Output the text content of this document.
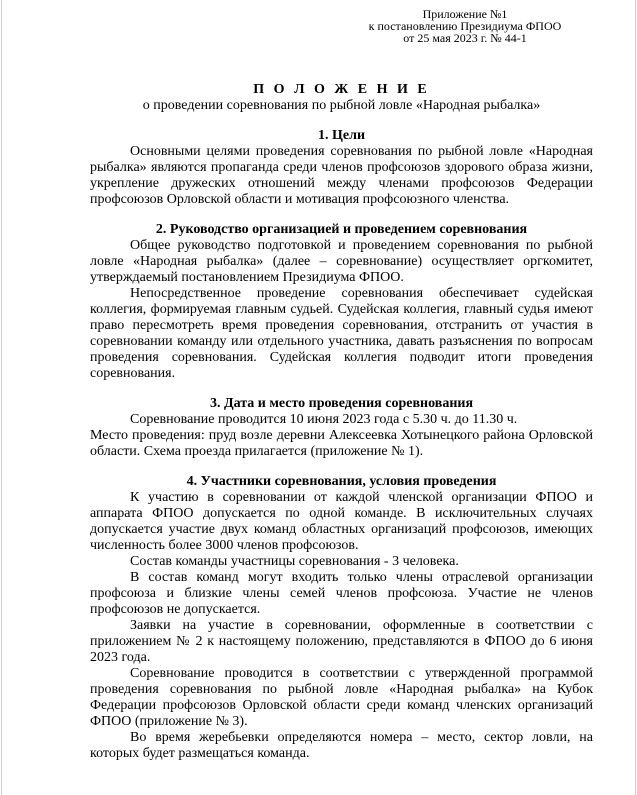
Приложение №1
к постановлению Президиума ФПОО
от 25 мая 2023 г. № 44-1
П О Л О Ж Е Н И Е
о проведении соревнования по рыбной ловле «Народная рыбалка»
1. Цели

Основными целями проведения соревнования по рыбной ловле «Народная рыбалка» являются пропаганда среди членов профсоюзов здорового образа жизни, укрепление дружеских отношений между членами профсоюзов Федерации профсоюзов Орловской области и мотивация профсоюзного членства.

2. Руководство организацией и проведением соревнования

Общее руководство подготовкой и проведением соревнования по рыбной ловле «Народная рыбалка» (далее – соревнование) осуществляет оргкомитет, утверждаемый постановлением Президиума ФПОО.

Непосредственное проведение соревнования обеспечивает судейская коллегия, формируемая главным судьей. Судейская коллегия, главный судья имеют право пересмотреть время проведения соревнования, отстранить от участия в соревновании команду или отдельного участника, давать разъяснения по вопросам проведения соревнования. Судейская коллегия подводит итоги проведения соревнования.

3. Дата и место проведения соревнования

Соревнование проводится 10 июня 2023 года с 5.30 ч. до 11.30 ч.

Место проведения: пруд возле деревни Алексеевка Хотынецкого района Орловской области. Схема проезда прилагается (приложение № 1).

4. Участники соревнования, условия проведения

К участию в соревновании от каждой членской организации ФПОО и аппарата ФПОО допускается по одной команде. В исключительных случаях допускается участие двух команд областных организаций профсоюзов, имеющих численность более 3000 членов профсоюзов.

Состав команды участницы соревнования - 3 человека.

В состав команд могут входить только члены отраслевой организации профсоюза и близкие члены семей членов профсоюза. Участие не членов профсоюзов не допускается.

Заявки на участие в соревновании, оформленные в соответствии с приложением № 2 к настоящему положению, представляются в ФПОО до 6 июня 2023 года.

Соревнование проводится в соответствии с утвержденной программой проведения соревнования по рыбной ловле «Народная рыбалка» на Кубок Федерации профсоюзов Орловской области среди команд членских организаций ФПОО (приложение № 3).

Во время жеребьевки определяются номера – место, сектор ловли, на которых будет размещаться команда.
